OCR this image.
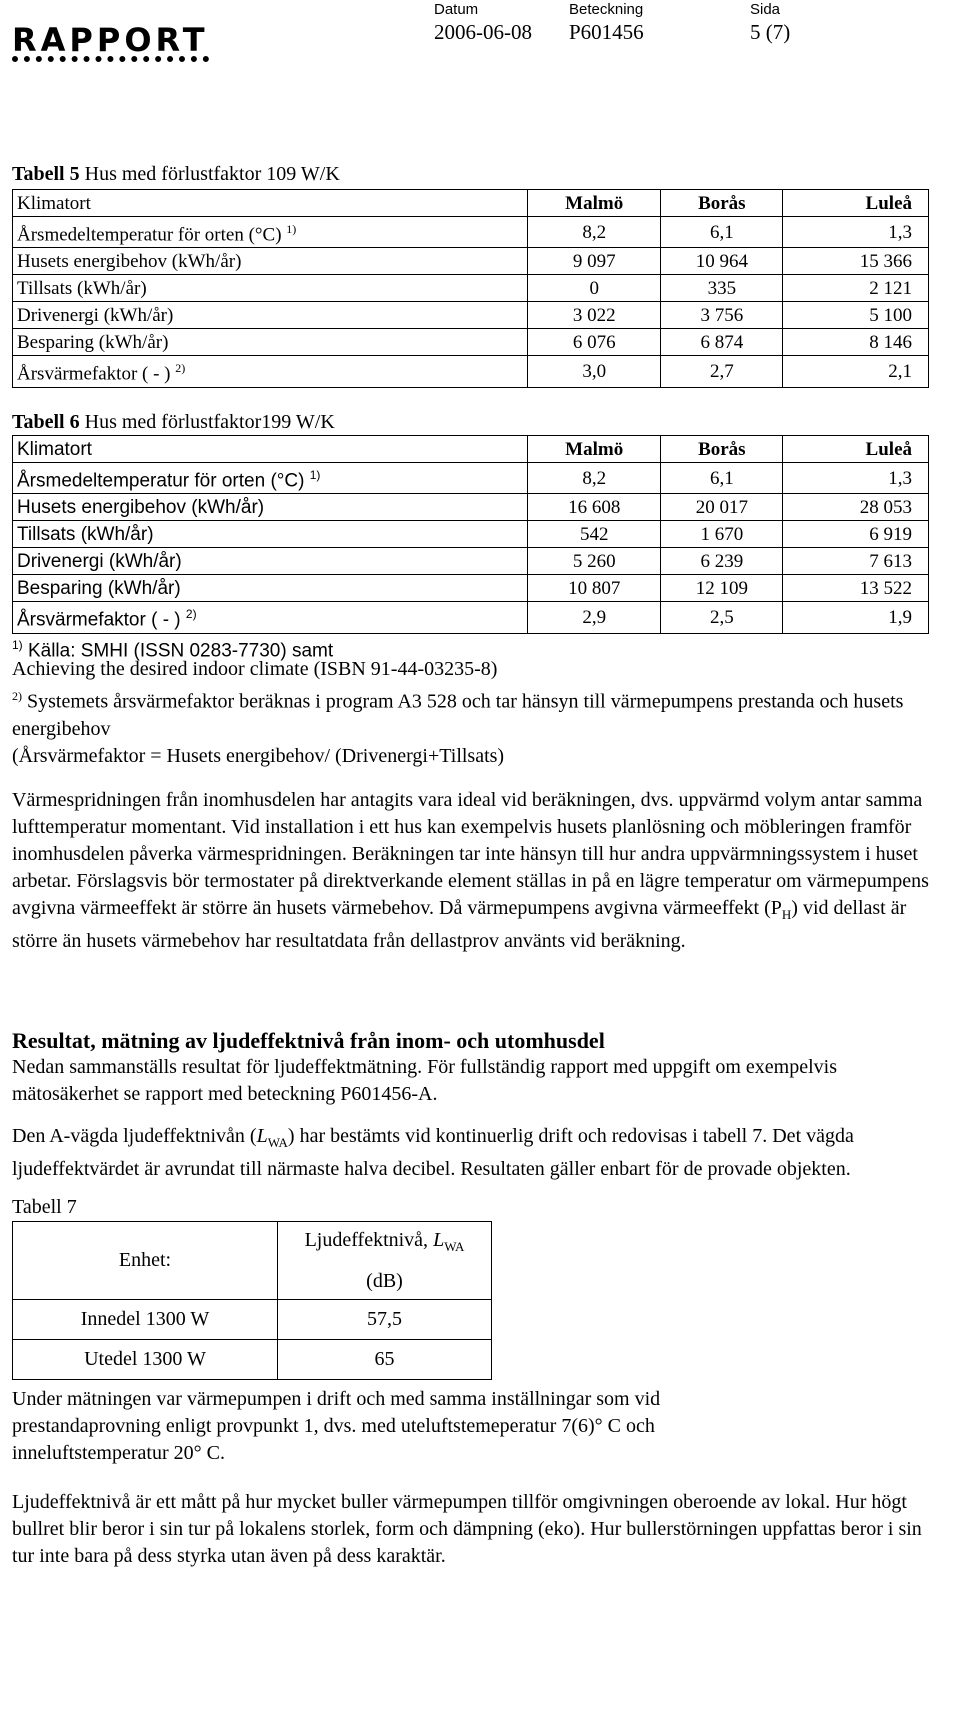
RAPPORT
Datum	Beteckning	Sida
2006-06-08 P601456	5 (7)
Tabell 5 Hus med förlustfaktor 109 W/K
Klimatort	Malmö	Borås	Luleå
Årsmedeltemperatur för orten (°C) $^{1)}$	8,2	6,1	1,3
Husets energibehov (kWh/år)	9 097	10 964	15 366
Tillsats (kWh/år)	0	335	2 121
Drivenergi (kWh/år)	3 022	3 756	5 100
Besparing (kWh/år)	6 076	6 874	8 146
Årsvärmefaktor ( - ) $^{2)}$	3,0	2,7	2,1
Tabell 6 Hus med förlustfaktor199 W/K
Klimatort	Malmö	Borås	Luleå
Årsmedeltemperatur för orten (°C) $^{1)}$	8,2	6,1	1,3
Husets energibehov (kWh/år)	16 608	20 017	28 053
Tillsats (kWh/år)	542	1 670	6 919
Drivenergi (kWh/år)	5 260	6 239	7 613
Besparing (kWh/år)	10 807	12 109	13 522
Årsvärmefaktor ( - ) $^{2)}$	2,9	2,5	1,9
$^{1)}$ Källa: SMHI (ISSN 0283-7730) samt
Achieving the desired indoor climate (ISBN 91-44-03235-8)
$^{2)}$ Systemets årsvärmefaktor beräknas i program A3 528 och tar hänsyn till värmepumpens prestanda och husets energibehov
(Årsvärmefaktor = Husets energibehov/ (Drivenergi+Tillsats)
Värmespridningen från inomhusdelen har antagits vara ideal vid beräkningen, dvs. uppvärmd volym antar samma lufttemperatur momentant. Vid installation i ett hus kan exempelvis husets planlösning och möbleringen framför inomhusdelen påverka värmespridningen. Beräkningen tar inte hänsyn till hur andra uppvärmningssystem i huset arbetar. Förslagsvis bör termostater på direktverkande element ställas in på en lägre temperatur om värmepumpens avgivna värmeeffekt är större än husets värmebehov. Då värmepumpens avgivna värmeeffekt $(P_H)$ vid dellast är större än husets värmebehov har resultatdata från dellastprov använts vid beräkning.
Resultat, mätning av ljudeffektnivå från inom- och utomhusdel
Nedan sammanställs resultat för ljudeffektmätning. För fullständig rapport med uppgift om exempelvis mätosäkerhet se rapport med beteckning P601456-A.
Den A-vägda ljudeffektnivån $(L_{WA})$ har bestämts vid kontinuerlig drift och redovisas i tabell 7. Det vägda ljudeffektvärdet är avrundat till närmaste halva decibel. Resultaten gäller enbart för de provade objekten.
Tabell 7
Enhet:	Ljudeffektnivå, $L_{WA}$
(dB)
Innedel 1300 W	57,5
Utedel 1300 W	65
Under mätningen var värmepumpen i drift och med samma inställningar som vid prestandaprovning enligt provpunkt 1, dvs. med uteluftstemeperatur 7(6)° C och inneluftstemperatur 20° C.
Ljudeffektnivå är ett mått på hur mycket buller värmepumpen tillför omgivningen oberoende av lokal. Hur högt bullret blir beror i sin tur på lokalens storlek, form och dämpning (eko). Hur bullerstörningen uppfattas beror i sin tur inte bara på dess styrka utan även på dess karaktär.
